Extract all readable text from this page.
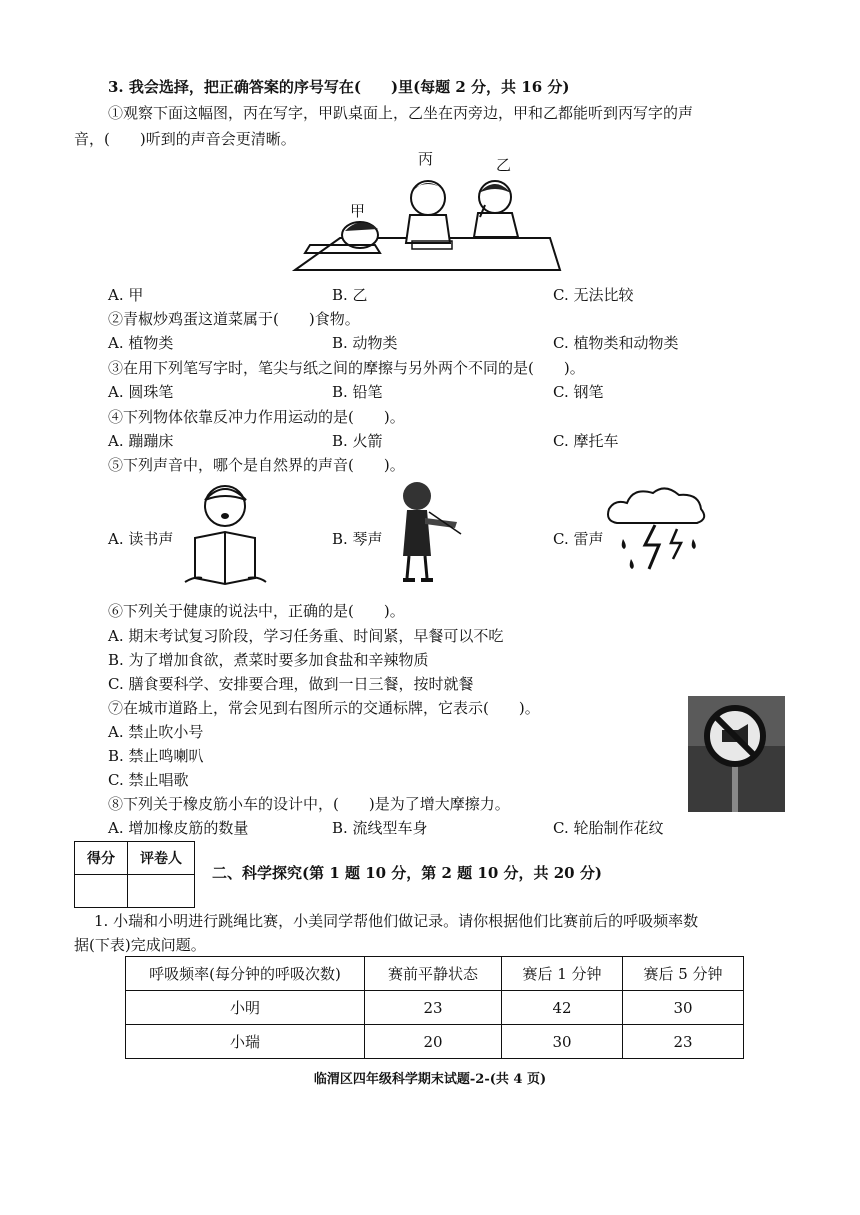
3. 我会选择，把正确答案的序号写在(　　)里(每题 2 分，共 16 分)
①观察下面这幅图，丙在写字，甲趴桌面上，乙坐在丙旁边，甲和乙都能听到丙写字的声
音，(　　)听到的声音会更清晰。
丙	乙
甲
A. 甲	B. 乙	C. 无法比较
②青椒炒鸡蛋这道菜属于(　　)食物。
A. 植物类	B. 动物类	C. 植物类和动物类
③在用下列笔写字时，笔尖与纸之间的摩擦与另外两个不同的是(　　)。
A. 圆珠笔	B. 铅笔	C. 钢笔
④下列物体依靠反冲力作用运动的是(　　)。
A. 蹦蹦床	B. 火箭	C. 摩托车
⑤下列声音中，哪个是自然界的声音(　　)。
A. 读书声	B. 琴声	C. 雷声
⑥下列关于健康的说法中，正确的是(　　)。
A. 期末考试复习阶段，学习任务重、时间紧，早餐可以不吃
B. 为了增加食欲，煮菜时要多加食盐和辛辣物质
C. 膳食要科学、安排要合理，做到一日三餐，按时就餐
⑦在城市道路上，常会见到右图所示的交通标牌，它表示(　　)。
A. 禁止吹小号
B. 禁止鸣喇叭
C. 禁止唱歌
⑧下列关于橡皮筋小车的设计中，(　　)是为了增大摩擦力。
A. 增加橡皮筋的数量	B. 流线型车身	C. 轮胎制作花纹
得分	评卷人

二、科学探究(第 1 题 10 分，第 2 题 10 分，共 20 分)
1. 小瑞和小明进行跳绳比赛，小美同学帮他们做记录。请你根据他们比赛前后的呼吸频率数
据(下表)完成问题。
呼吸频率(每分钟的呼吸次数)	赛前平静状态	赛后 1 分钟	赛后 5 分钟
小明	23	42	30
小瑞	20	30	23
临渭区四年级科学期末试题-2-(共 4 页)
